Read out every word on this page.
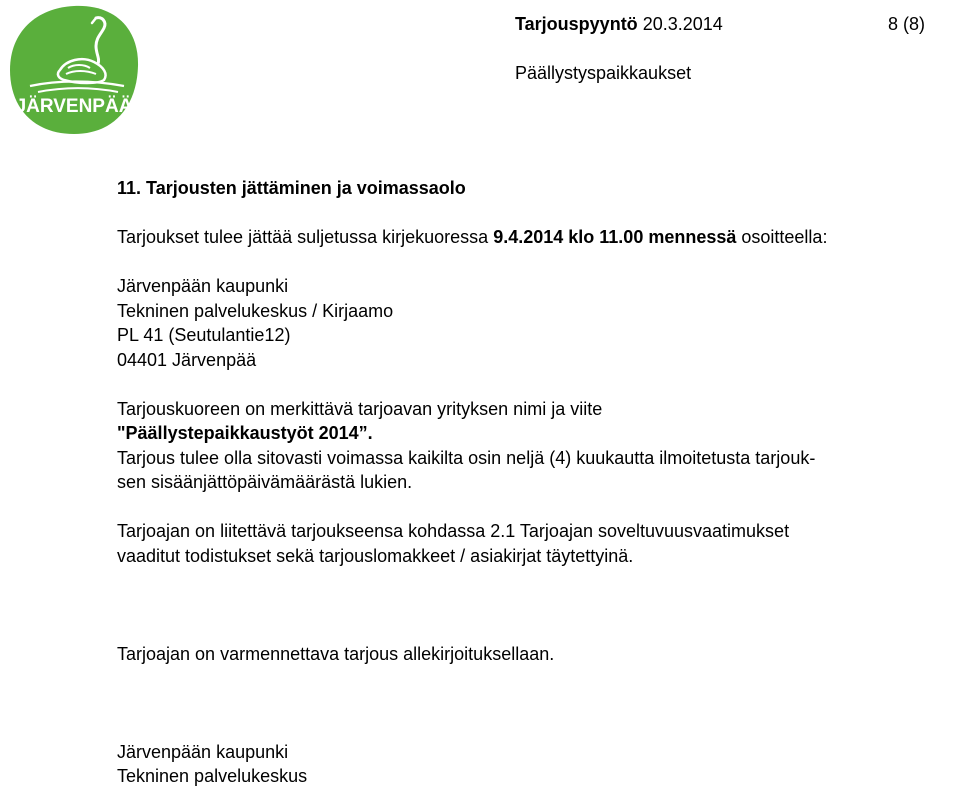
JÄRVENPÄÄ
Tarjouspyyntö 20.3.2014	8 (8)
Päällystyspaikkaukset

11. Tarjousten jättäminen ja voimassaolo

Tarjoukset tulee jättää suljetussa kirjekuoressa 9.4.2014 klo 11.00 mennessä osoitteella:

Järvenpään kaupunki

Tekninen palvelukeskus / Kirjaamo

PL 41 (Seutulantie12)

04401 Järvenpää

Tarjouskuoreen on merkittävä tarjoavan yrityksen nimi ja viite

"Päällystepaikkaustyöt 2014”.

Tarjous tulee olla sitovasti voimassa kaikilta osin neljä (4) kuukautta ilmoitetusta tarjouk-

sen sisäänjättöpäivämäärästä lukien.

Tarjoajan on liitettävä tarjoukseensa kohdassa 2.1 Tarjoajan soveltuvuusvaatimukset

vaaditut todistukset sekä tarjouslomakkeet / asiakirjat täytettyinä.

Tarjoajan on varmennettava tarjous allekirjoituksellaan.

Järvenpään kaupunki

Tekninen palvelukeskus
